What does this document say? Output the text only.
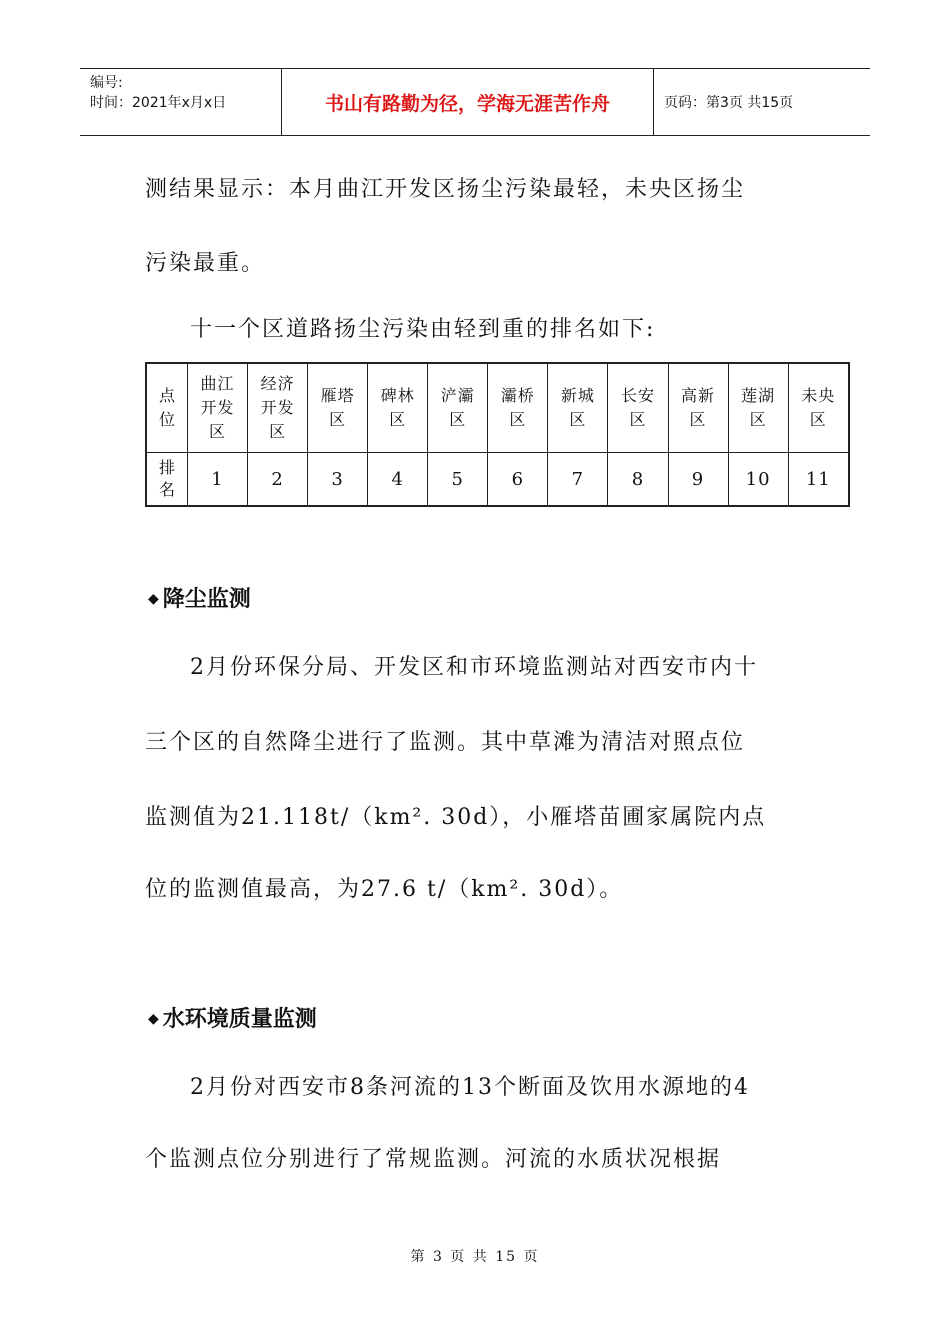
编号:
时间：2021年x月x日	书山有路勤为径，学海无涯苦作舟	页码：第3页 共15页
测结果显示：本月曲江开发区扬尘污染最轻，未央区扬尘
污染最重。
十一个区道路扬尘污染由轻到重的排名如下:
点位	曲江开发区	经济开发区	雁塔区	碑林区	浐灞区	灞桥区	新城区	长安区	高新区	莲湖区	未央区

排名	1	2	3	4	5	6	7	8	9	10	11
◆ 降尘监测
2月份环保分局、开发区和市环境监测站对西安市内十
三个区的自然降尘进行了监测。其中草滩为清洁对照点位
监测值为21.118t/（km². 30d），小雁塔苗圃家属院内点
位的监测值最高，为27.6 t/（km². 30d）。
◆ 水环境质量监测
2月份对西安市8条河流的13个断面及饮用水源地的4
个监测点位分别进行了常规监测。河流的水质状况根据
第 3 页 共 15 页
